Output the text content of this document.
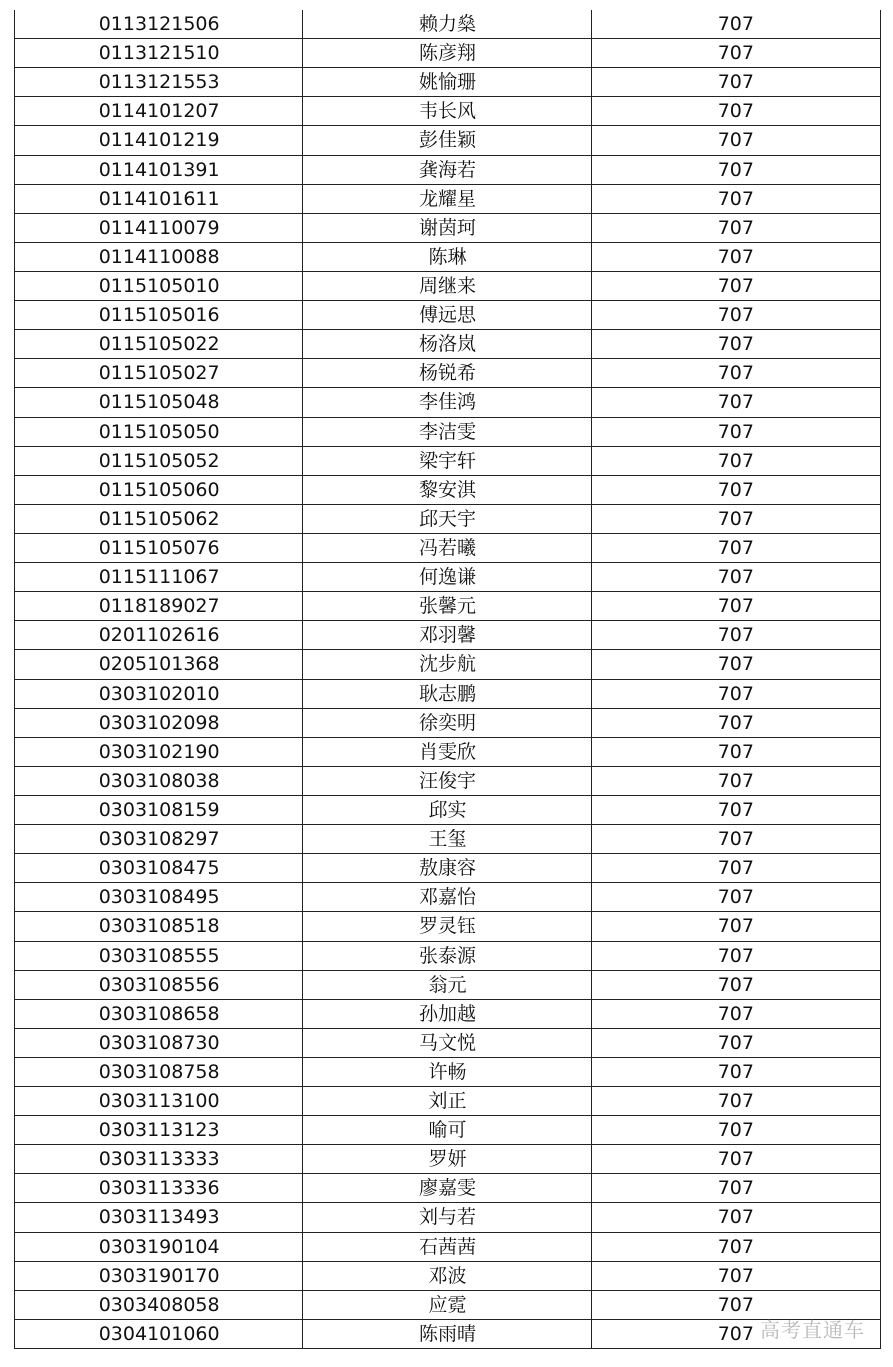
0113121506	赖力燊	707
0113121510	陈彦翔	707
0113121553	姚愉珊	707
0114101207	韦长风	707
0114101219	彭佳颖	707
0114101391	龚海若	707
0114101611	龙耀星	707
0114110079	谢茵珂	707
0114110088	陈琳	707
0115105010	周继来	707
0115105016	傅远思	707
0115105022	杨洛岚	707
0115105027	杨锐希	707
0115105048	李佳鸿	707
0115105050	李洁雯	707
0115105052	梁宇轩	707
0115105060	黎安淇	707
0115105062	邱天宇	707
0115105076	冯若曦	707
0115111067	何逸谦	707
0118189027	张馨元	707
0201102616	邓羽馨	707
0205101368	沈步航	707
0303102010	耿志鹏	707
0303102098	徐奕明	707
0303102190	肖雯欣	707
0303108038	汪俊宇	707
0303108159	邱实	707
0303108297	王玺	707
0303108475	敖康容	707
0303108495	邓嘉怡	707
0303108518	罗灵钰	707
0303108555	张泰源	707
0303108556	翁元	707
0303108658	孙加越	707
0303108730	马文悦	707
0303108758	许畅	707
0303113100	刘正	707
0303113123	喻可	707
0303113333	罗妍	707
0303113336	廖嘉雯	707
0303113493	刘与若	707
0303190104	石茜茜	707
0303190170	邓波	707
0303408058	应霓	707
0304101060	陈雨晴	707 高考直通车
